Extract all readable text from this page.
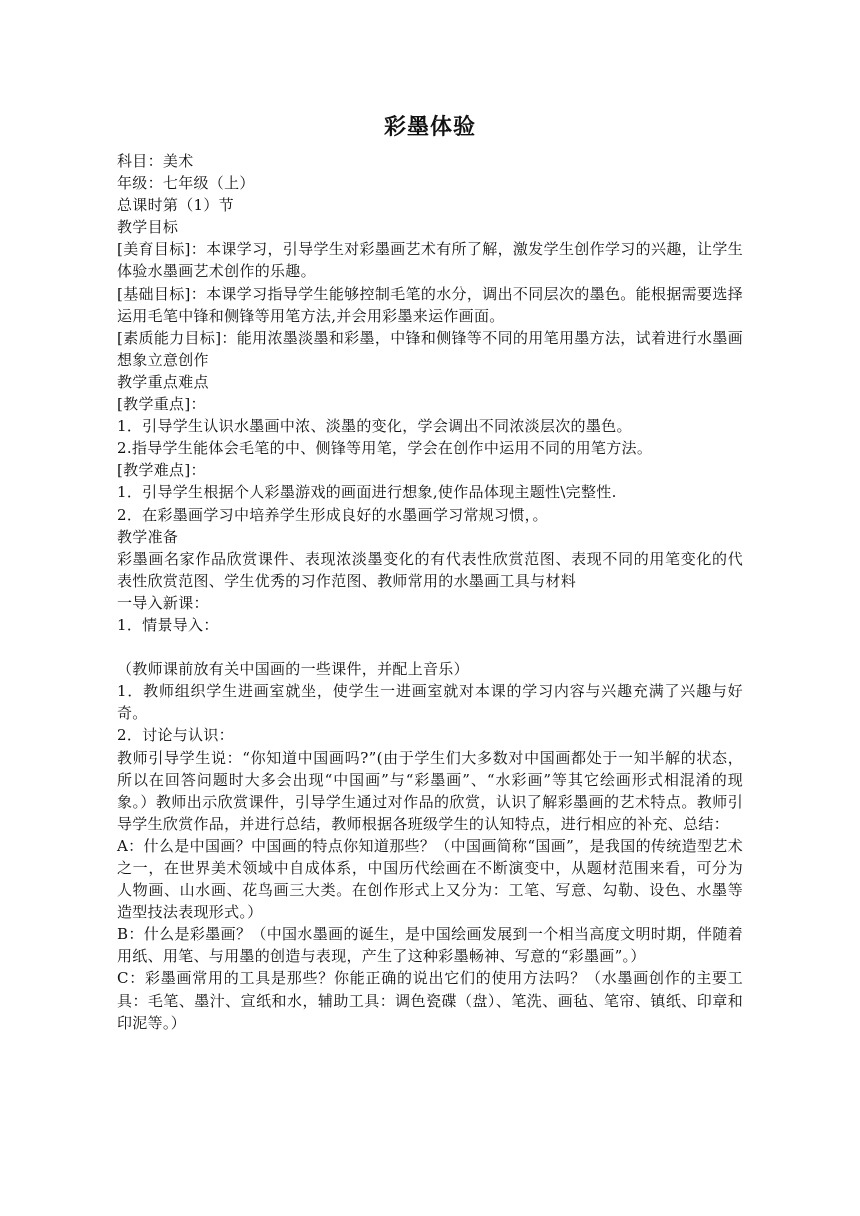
彩墨体验

科目：美术

年级：七年级（上）

总课时第（1）节

教学目标

[美育目标]：本课学习，引导学生对彩墨画艺术有所了解，激发学生创作学习的兴趣，让学生体验水墨画艺术创作的乐趣。

[基础目标]：本课学习指导学生能够控制毛笔的水分，调出不同层次的墨色。能根据需要选择运用毛笔中锋和侧锋等用笔方法,并会用彩墨来运作画面。

[素质能力目标]：能用浓墨淡墨和彩墨，中锋和侧锋等不同的用笔用墨方法，试着进行水墨画想象立意创作

教学重点难点

[教学重点]：

1．引导学生认识水墨画中浓、淡墨的变化，学会调出不同浓淡层次的墨色。

2.指导学生能体会毛笔的中、侧锋等用笔，学会在创作中运用不同的用笔方法。

[教学难点]：

1．引导学生根据个人彩墨游戏的画面进行想象,使作品体现主题性\完整性.

2．在彩墨画学习中培养学生形成良好的水墨画学习常规习惯，。

教学准备

彩墨画名家作品欣赏课件、表现浓淡墨变化的有代表性欣赏范图、表现不同的用笔变化的代表性欣赏范图、学生优秀的习作范图、教师常用的水墨画工具与材料

一导入新课：

1．情景导入：

（教师课前放有关中国画的一些课件，并配上音乐）

1．教师组织学生进画室就坐，使学生一进画室就对本课的学习内容与兴趣充满了兴趣与好奇。

2．讨论与认识：

教师引导学生说：“你知道中国画吗?”(由于学生们大多数对中国画都处于一知半解的状态，所以在回答问题时大多会出现“中国画”与“彩墨画”、“水彩画”等其它绘画形式相混淆的现象。）教师出示欣赏课件，引导学生通过对作品的欣赏，认识了解彩墨画的艺术特点。教师引导学生欣赏作品，并进行总结，教师根据各班级学生的认知特点，进行相应的补充、总结：

A：什么是中国画？中国画的特点你知道那些？（中国画简称“国画”，是我国的传统造型艺术之一，在世界美术领域中自成体系，中国历代绘画在不断演变中，从题材范围来看，可分为人物画、山水画、花鸟画三大类。在创作形式上又分为：工笔、写意、勾勒、设色、水墨等造型技法表现形式。）

B：什么是彩墨画？（中国水墨画的诞生，是中国绘画发展到一个相当高度文明时期，伴随着用纸、用笔、与用墨的创造与表现，产生了这种彩墨畅神、写意的“彩墨画”。）

C：彩墨画常用的工具是那些？你能正确的说出它们的使用方法吗？（水墨画创作的主要工具：毛笔、墨汁、宣纸和水，辅助工具：调色瓷碟（盘）、笔洗、画毡、笔帘、镇纸、印章和印泥等。）
